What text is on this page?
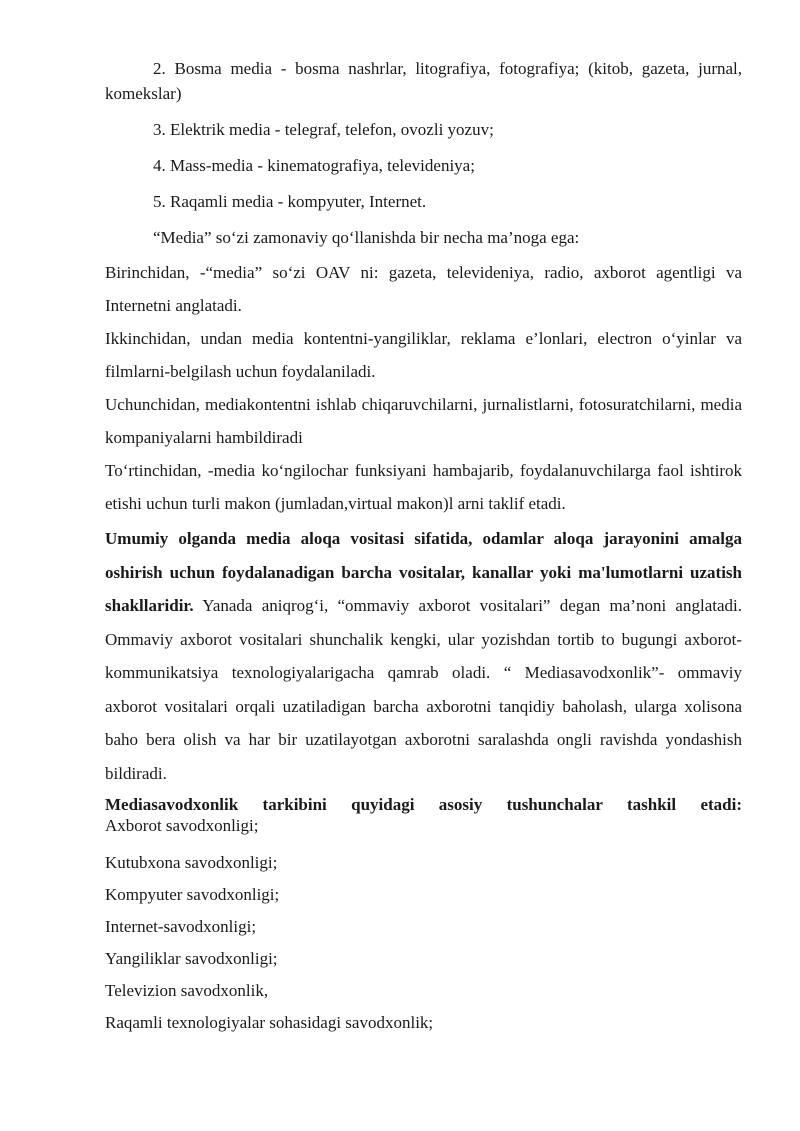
2. Bosma media - bosma nashrlar, litografiya, fotografiya; (kitob, gazeta, jurnal, komekslar)

3. Elektrik media - telegraf, telefon, ovozli yozuv;

4. Mass-media - kinematografiya, televideniya;

5. Raqamli media - kompyuter, Internet.

“Media” so‘zi zamonaviy qo‘llanishda bir necha ma’noga ega:

Birinchidan, -“media” so‘zi OAV ni: gazeta, televideniya, radio, axborot agentligi va Internetni anglatadi.

Ikkinchidan, undan media kontentni-yangiliklar, reklama e’lonlari, electron o‘yinlar va filmlarni-belgilash uchun foydalaniladi.

Uchunchidan, mediakontentni ishlab chiqaruvchilarni, jurnalistlarni, fotosuratchilarni, media kompaniyalarni hambildiradi

To‘rtinchidan, -media ko‘ngilochar funksiyani hambajarib, foydalanuvchilarga faol ishtirok etishi uchun turli makon (jumladan,virtual makon)l arni taklif etadi.

Umumiy olganda media aloqa vositasi sifatida, odamlar aloqa jarayonini amalga oshirish uchun foydalanadigan barcha vositalar, kanallar yoki ma'lumotlarni uzatish shakllaridir. Yanada aniqrog‘i, “ommaviy axborot vositalari” degan ma’noni anglatadi. Ommaviy axborot vositalari shunchalik kengki, ular yozishdan tortib to bugungi axborot-kommunikatsiya texnologiyalarigacha qamrab oladi. “ Mediasavodxonlik”- ommaviy axborot vositalari orqali uzatiladigan barcha axborotni tanqidiy baholash, ularga xolisona baho bera olish va har bir uzatilayotgan axborotni saralashda ongli ravishda yondashish bildiradi.

Mediasavodxonlik tarkibini quyidagi asosiy tushunchalar tashkil etadi:

Axborot savodxonligi;

Kutubxona savodxonligi;

Kompyuter savodxonligi;

Internet-savodxonligi;

Yangiliklar savodxonligi;

Televizion savodxonlik,

Raqamli texnologiyalar sohasidagi savodxonlik;
